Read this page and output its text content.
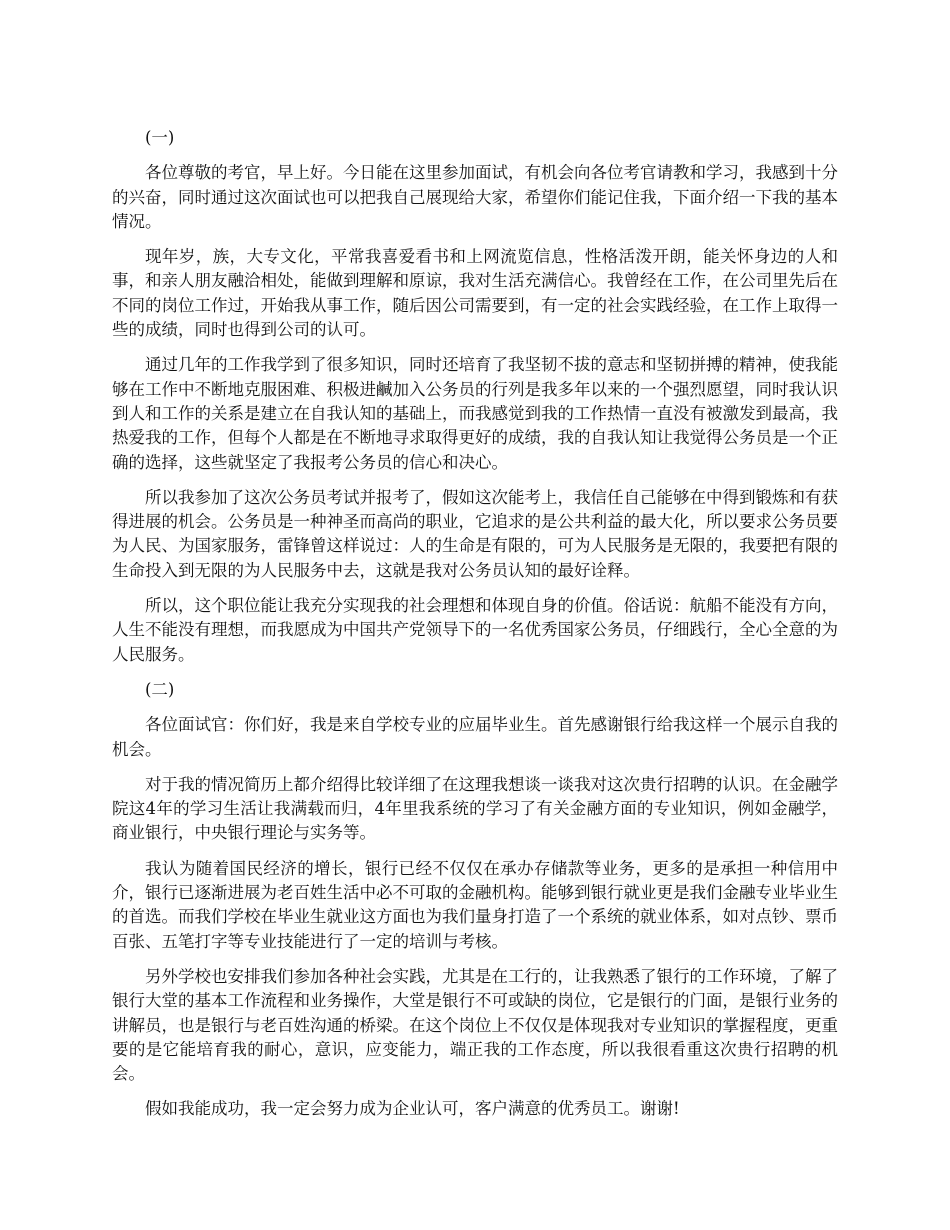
(一)

各位尊敬的考官，早上好。今日能在这里参加面试，有机会向各位考官请教和学习，我感到十分的兴奋，同时通过这次面试也可以把我自己展现给大家，希望你们能记住我，下面介绍一下我的基本情况。

现年岁，族，大专文化，平常我喜爱看书和上网流览信息，性格活泼开朗，能关怀身边的人和事，和亲人朋友融洽相处，能做到理解和原谅，我对生活充满信心。我曾经在工作，在公司里先后在不同的岗位工作过，开始我从事工作，随后因公司需要到，有一定的社会实践经验，在工作上取得一些的成绩，同时也得到公司的认可。

通过几年的工作我学到了很多知识，同时还培育了我坚韧不拔的意志和坚韧拼搏的精神，使我能够在工作中不断地克服困难、积极进鹹加入公务员的行列是我多年以来的一个强烈愿望，同时我认识到人和工作的关系是建立在自我认知的基础上，而我感觉到我的工作热情一直没有被激发到最高，我热爱我的工作，但每个人都是在不断地寻求取得更好的成绩，我的自我认知让我觉得公务员是一个正确的选择，这些就坚定了我报考公务员的信心和决心。

所以我参加了这次公务员考试并报考了，假如这次能考上，我信任自己能够在中得到锻炼和有获得进展的机会。公务员是一种神圣而高尚的职业，它追求的是公共利益的最大化，所以要求公务员要为人民、为国家服务，雷锋曾这样说过：人的生命是有限的，可为人民服务是无限的，我要把有限的生命投入到无限的为人民服务中去，这就是我对公务员认知的最好诠释。

所以，这个职位能让我充分实现我的社会理想和体现自身的价值。俗话说：航船不能没有方向，人生不能没有理想，而我愿成为中国共产党领导下的一名优秀国家公务员，仔细践行，全心全意的为人民服务。

(二)

各位面试官：你们好，我是来自学校专业的应届毕业生。首先感谢银行给我这样一个展示自我的机会。

对于我的情况简历上都介绍得比较详细了在这理我想谈一谈我对这次贵行招聘的认识。在金融学院这4年的学习生活让我满载而归，4年里我系统的学习了有关金融方面的专业知识，例如金融学，商业银行，中央银行理论与实务等。

我认为随着国民经济的增长，银行已经不仅仅在承办存储款等业务，更多的是承担一种信用中介，银行已逐渐进展为老百姓生活中必不可取的金融机构。能够到银行就业更是我们金融专业毕业生的首选。而我们学校在毕业生就业这方面也为我们量身打造了一个系统的就业体系，如对点钞、票币百张、五笔打字等专业技能进行了一定的培训与考核。

另外学校也安排我们参加各种社会实践，尤其是在工行的，让我熟悉了银行的工作环境，了解了银行大堂的基本工作流程和业务操作，大堂是银行不可或缺的岗位，它是银行的门面，是银行业务的讲解员，也是银行与老百姓沟通的桥梁。在这个岗位上不仅仅是体现我对专业知识的掌握程度，更重要的是它能培育我的耐心，意识，应变能力，端正我的工作态度，所以我很看重这次贵行招聘的机会。

假如我能成功，我一定会努力成为企业认可，客户满意的优秀员工。谢谢!
